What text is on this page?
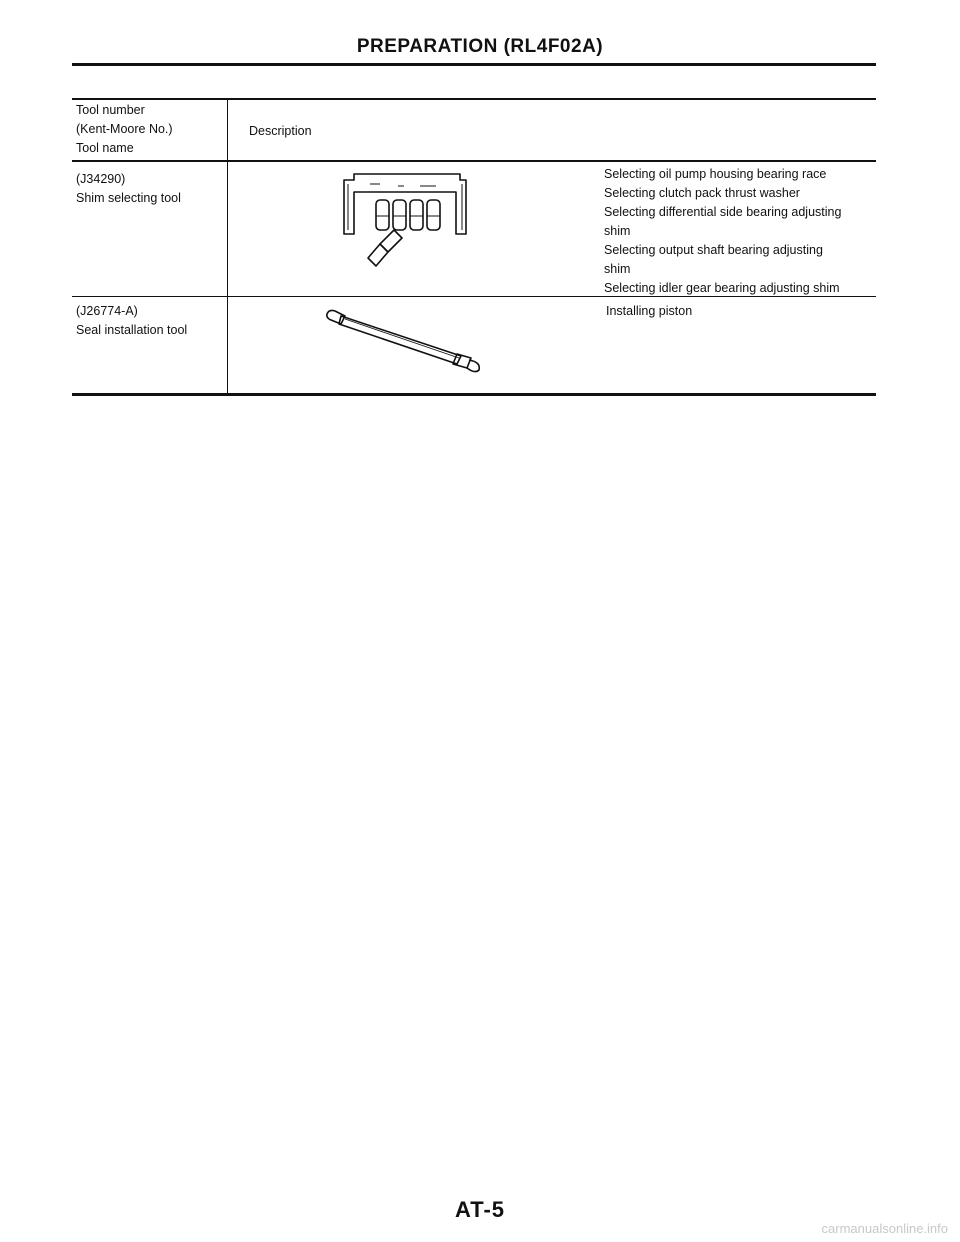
PREPARATION (RL4F02A)
Tool number
(Kent-Moore No.)
Tool name
Description
(J34290)
Shim selecting tool
Selecting oil pump housing bearing race
Selecting clutch pack thrust washer
Selecting differential side bearing adjusting
shim
Selecting output shaft bearing adjusting
shim
Selecting idler gear bearing adjusting shim
(J26774-A)
Seal installation tool
Installing piston
AT-5
carmanualsonline.info
